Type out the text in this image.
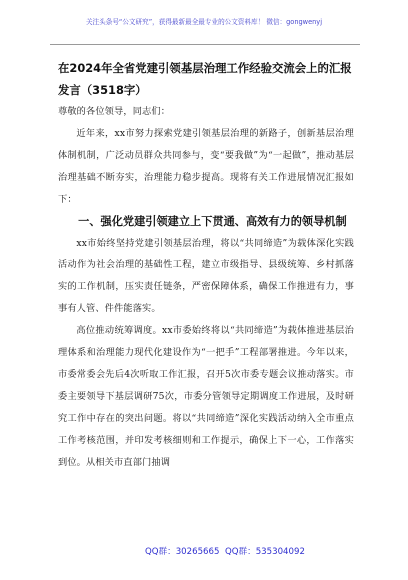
关注头条号“公文研究”，获得最新最全最专业的公文资料库！ 微信：gongwenyj

在2024年全省党建引领基层治理工作经验交流会上的汇报发言（3518字）

尊敬的各位领导，同志们：

近年来，xx市努力探索党建引领基层治理的新路子，创新基层治理体制机制，广泛动员群众共同参与，变“要我做”为“一起做”，推动基层治理基础不断夯实，治理能力稳步提高。现将有关工作进展情况汇报如下：

一、强化党建引领建立上下贯通、高效有力的领导机制

xx市始终坚持党建引领基层治理，将以“共同缔造”为载体深化实践活动作为社会治理的基础性工程，建立市级指导、县级统筹、乡村抓落实的工作机制，压实责任链条，严密保障体系，确保工作推进有力，事事有人管、件件能落实。

高位推动统筹调度。xx市委始终将以“共同缔造”为载体推进基层治理体系和治理能力现代化建设作为“一把手”工程部署推进。今年以来，市委常委会先后4次听取工作汇报，召开5次市委专题会议推动落实。市委主要领导下基层调研75次，市委分管领导定期调度工作进展，及时研究工作中存在的突出问题。将以“共同缔造”深化实践活动纳入全市重点工作考核范围，并印发考核细则和工作提示，确保上下一心，工作落实到位。从相关市直部门抽调

QQ群：30265665 QQ群：535304092
